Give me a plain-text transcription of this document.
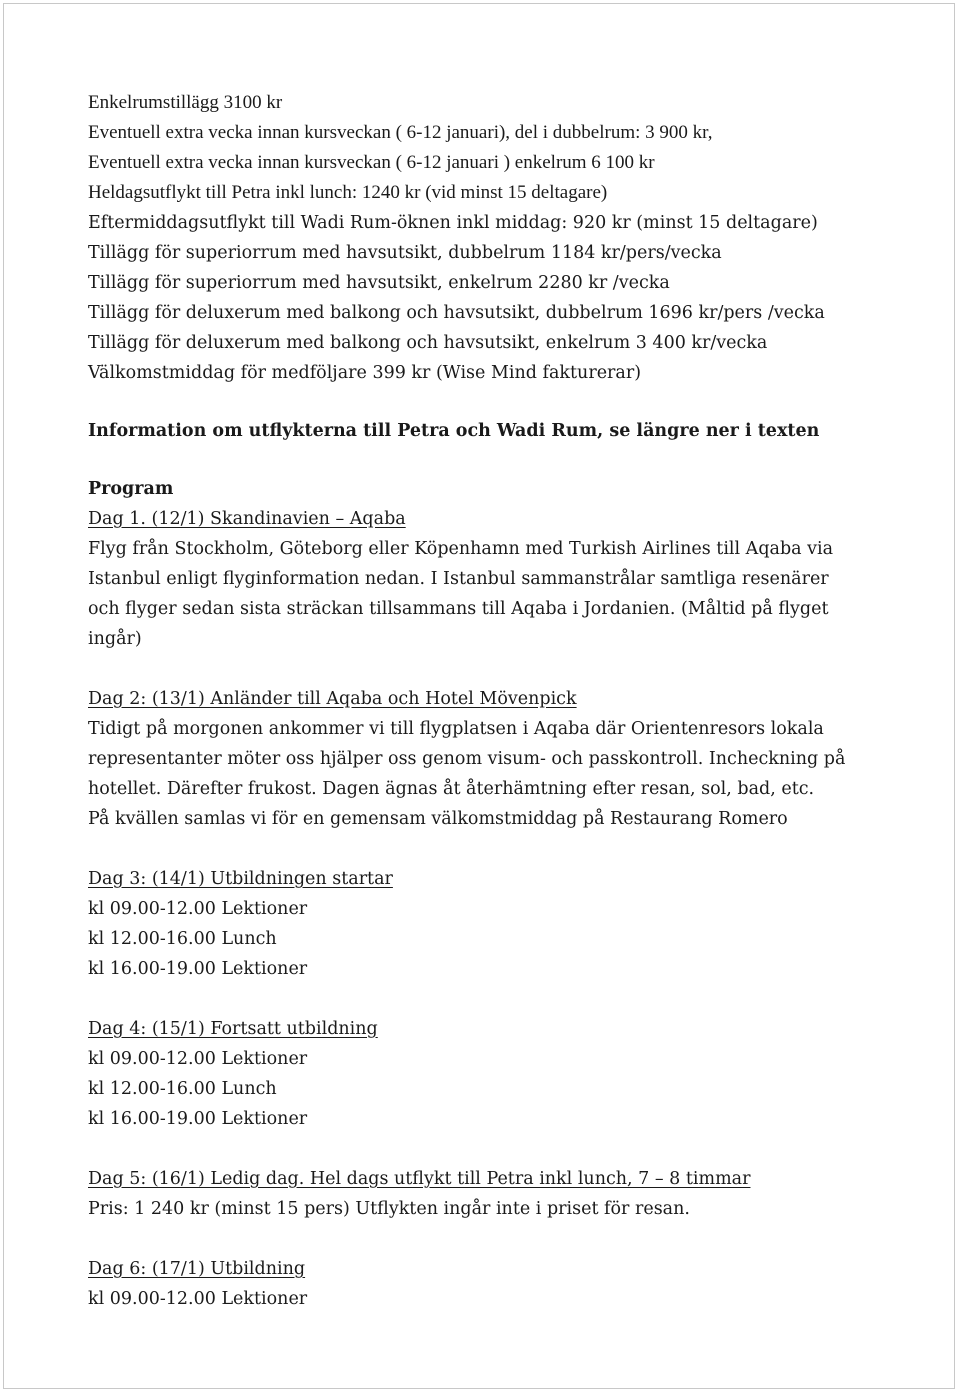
Enkelrumstillägg 3100 kr
Eventuell extra vecka innan kursveckan ( 6-12 januari), del i dubbelrum: 3 900 kr,
Eventuell extra vecka innan kursveckan ( 6-12 januari ) enkelrum 6 100 kr
Heldagsutflykt till Petra inkl lunch: 1240 kr (vid minst 15 deltagare)
Eftermiddagsutflykt till Wadi Rum-öknen inkl middag: 920 kr (minst 15 deltagare)
Tillägg för superiorrum med havsutsikt, dubbelrum 1184 kr/pers/vecka
Tillägg för superiorrum med havsutsikt, enkelrum 2280 kr /vecka
Tillägg för deluxerum med balkong och havsutsikt, dubbelrum 1696 kr/pers /vecka
Tillägg för deluxerum med balkong och havsutsikt, enkelrum 3 400 kr/vecka
Välkomstmiddag för medföljare 399 kr (Wise Mind fakturerar)
Information om utflykterna till Petra och Wadi Rum, se längre ner i texten
Program
Dag 1. (12/1) Skandinavien – Aqaba
Flyg från Stockholm, Göteborg eller Köpenhamn med Turkish Airlines till Aqaba via
Istanbul enligt flyginformation nedan. I Istanbul sammanstrålar samtliga resenärer
och flyger sedan sista sträckan tillsammans till Aqaba i Jordanien. (Måltid på flyget
ingår)
Dag 2: (13/1) Anländer till Aqaba och Hotel Mövenpick
Tidigt på morgonen ankommer vi till flygplatsen i Aqaba där Orientenresors lokala
representanter möter oss hjälper oss genom visum- och passkontroll. Incheckning på
hotellet. Därefter frukost. Dagen ägnas åt återhämtning efter resan, sol, bad, etc.
På kvällen samlas vi för en gemensam välkomstmiddag på Restaurang Romero
Dag 3: (14/1) Utbildningen startar
kl 09.00-12.00 Lektioner
kl 12.00-16.00 Lunch
kl 16.00-19.00 Lektioner
Dag 4: (15/1) Fortsatt utbildning
kl 09.00-12.00 Lektioner
kl 12.00-16.00 Lunch
kl 16.00-19.00 Lektioner
Dag 5: (16/1) Ledig dag. Hel dags utflykt till Petra inkl lunch, 7 – 8 timmar
Pris: 1 240 kr (minst 15 pers) Utflykten ingår inte i priset för resan.
Dag 6: (17/1) Utbildning
kl 09.00-12.00 Lektioner
